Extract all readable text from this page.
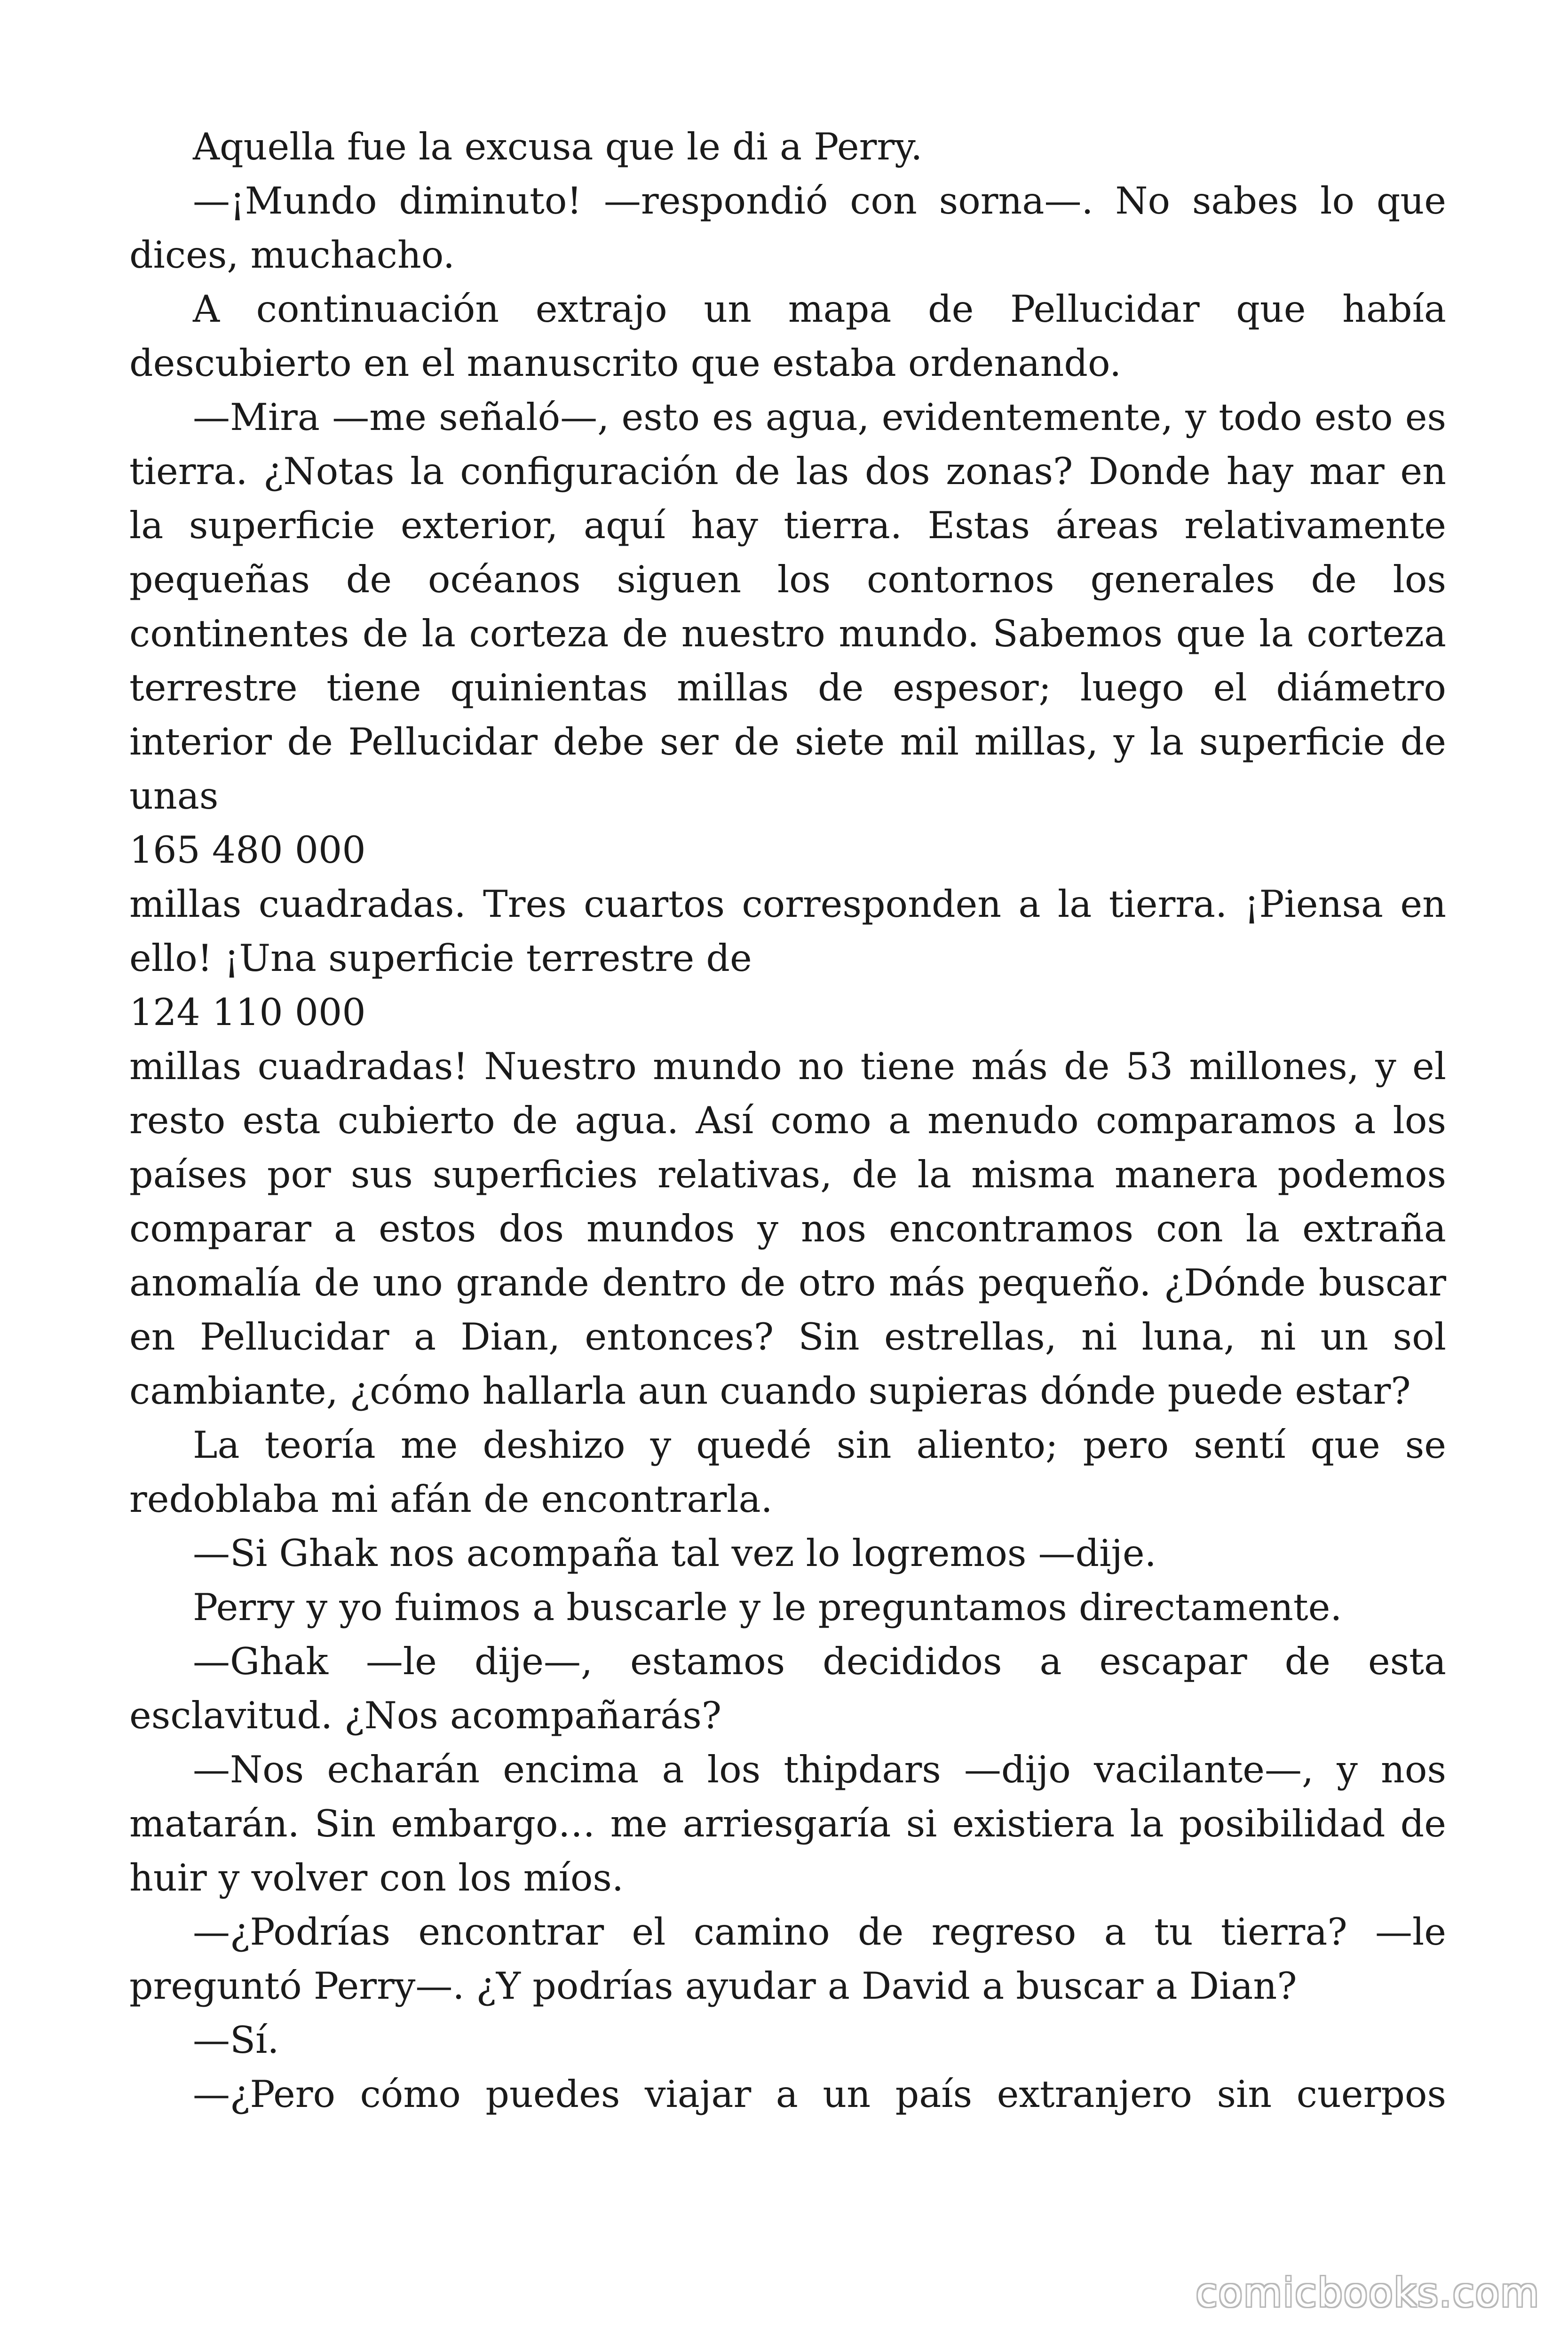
Aquella fue la excusa que le di a Perry.

—¡Mundo diminuto! —respondió con sorna—. No sabes lo que dices, muchacho.

A continuación extrajo un mapa de Pellucidar que había descubierto en el manuscrito que estaba ordenando.

—Mira —me señaló—, esto es agua, evidentemente, y todo esto es tierra. ¿Notas la configuración de las dos zonas? Donde hay mar en la superficie exterior, aquí hay tierra. Estas áreas relativamente pequeñas de océanos siguen los contornos generales de los continentes de la corteza de nuestro mundo. Sabemos que la corteza terrestre tiene quinientas millas de espesor; luego el diámetro interior de Pellucidar debe ser de siete mil millas, y la superficie de unas

165 480 000

millas cuadradas. Tres cuartos corresponden a la tierra. ¡Piensa en ello! ¡Una superficie terrestre de

124 110 000

millas cuadradas! Nuestro mundo no tiene más de 53 millones, y el resto esta cubierto de agua. Así como a menudo comparamos a los países por sus superficies relativas, de la misma manera podemos comparar a estos dos mundos y nos encontramos con la extraña anomalía de uno grande dentro de otro más pequeño. ¿Dónde buscar en Pellucidar a Dian, entonces? Sin estrellas, ni luna, ni un sol cambiante, ¿cómo hallarla aun cuando supieras dónde puede estar?

La teoría me deshizo y quedé sin aliento; pero sentí que se redoblaba mi afán de encontrarla.

—Si Ghak nos acompaña tal vez lo logremos —dije.

Perry y yo fuimos a buscarle y le preguntamos directamente.

—Ghak —le dije—, estamos decididos a escapar de esta esclavitud. ¿Nos acompañarás?

—Nos echarán encima a los thipdars —dijo vacilante—, y nos matarán. Sin embargo… me arriesgaría si existiera la posibilidad de huir y volver con los míos.

—¿Podrías encontrar el camino de regreso a tu tierra? —le preguntó Perry—. ¿Y podrías ayudar a David a buscar a Dian?

—Sí.

—¿Pero cómo puedes viajar a un país extranjero sin cuerpos

comicbooks.com
